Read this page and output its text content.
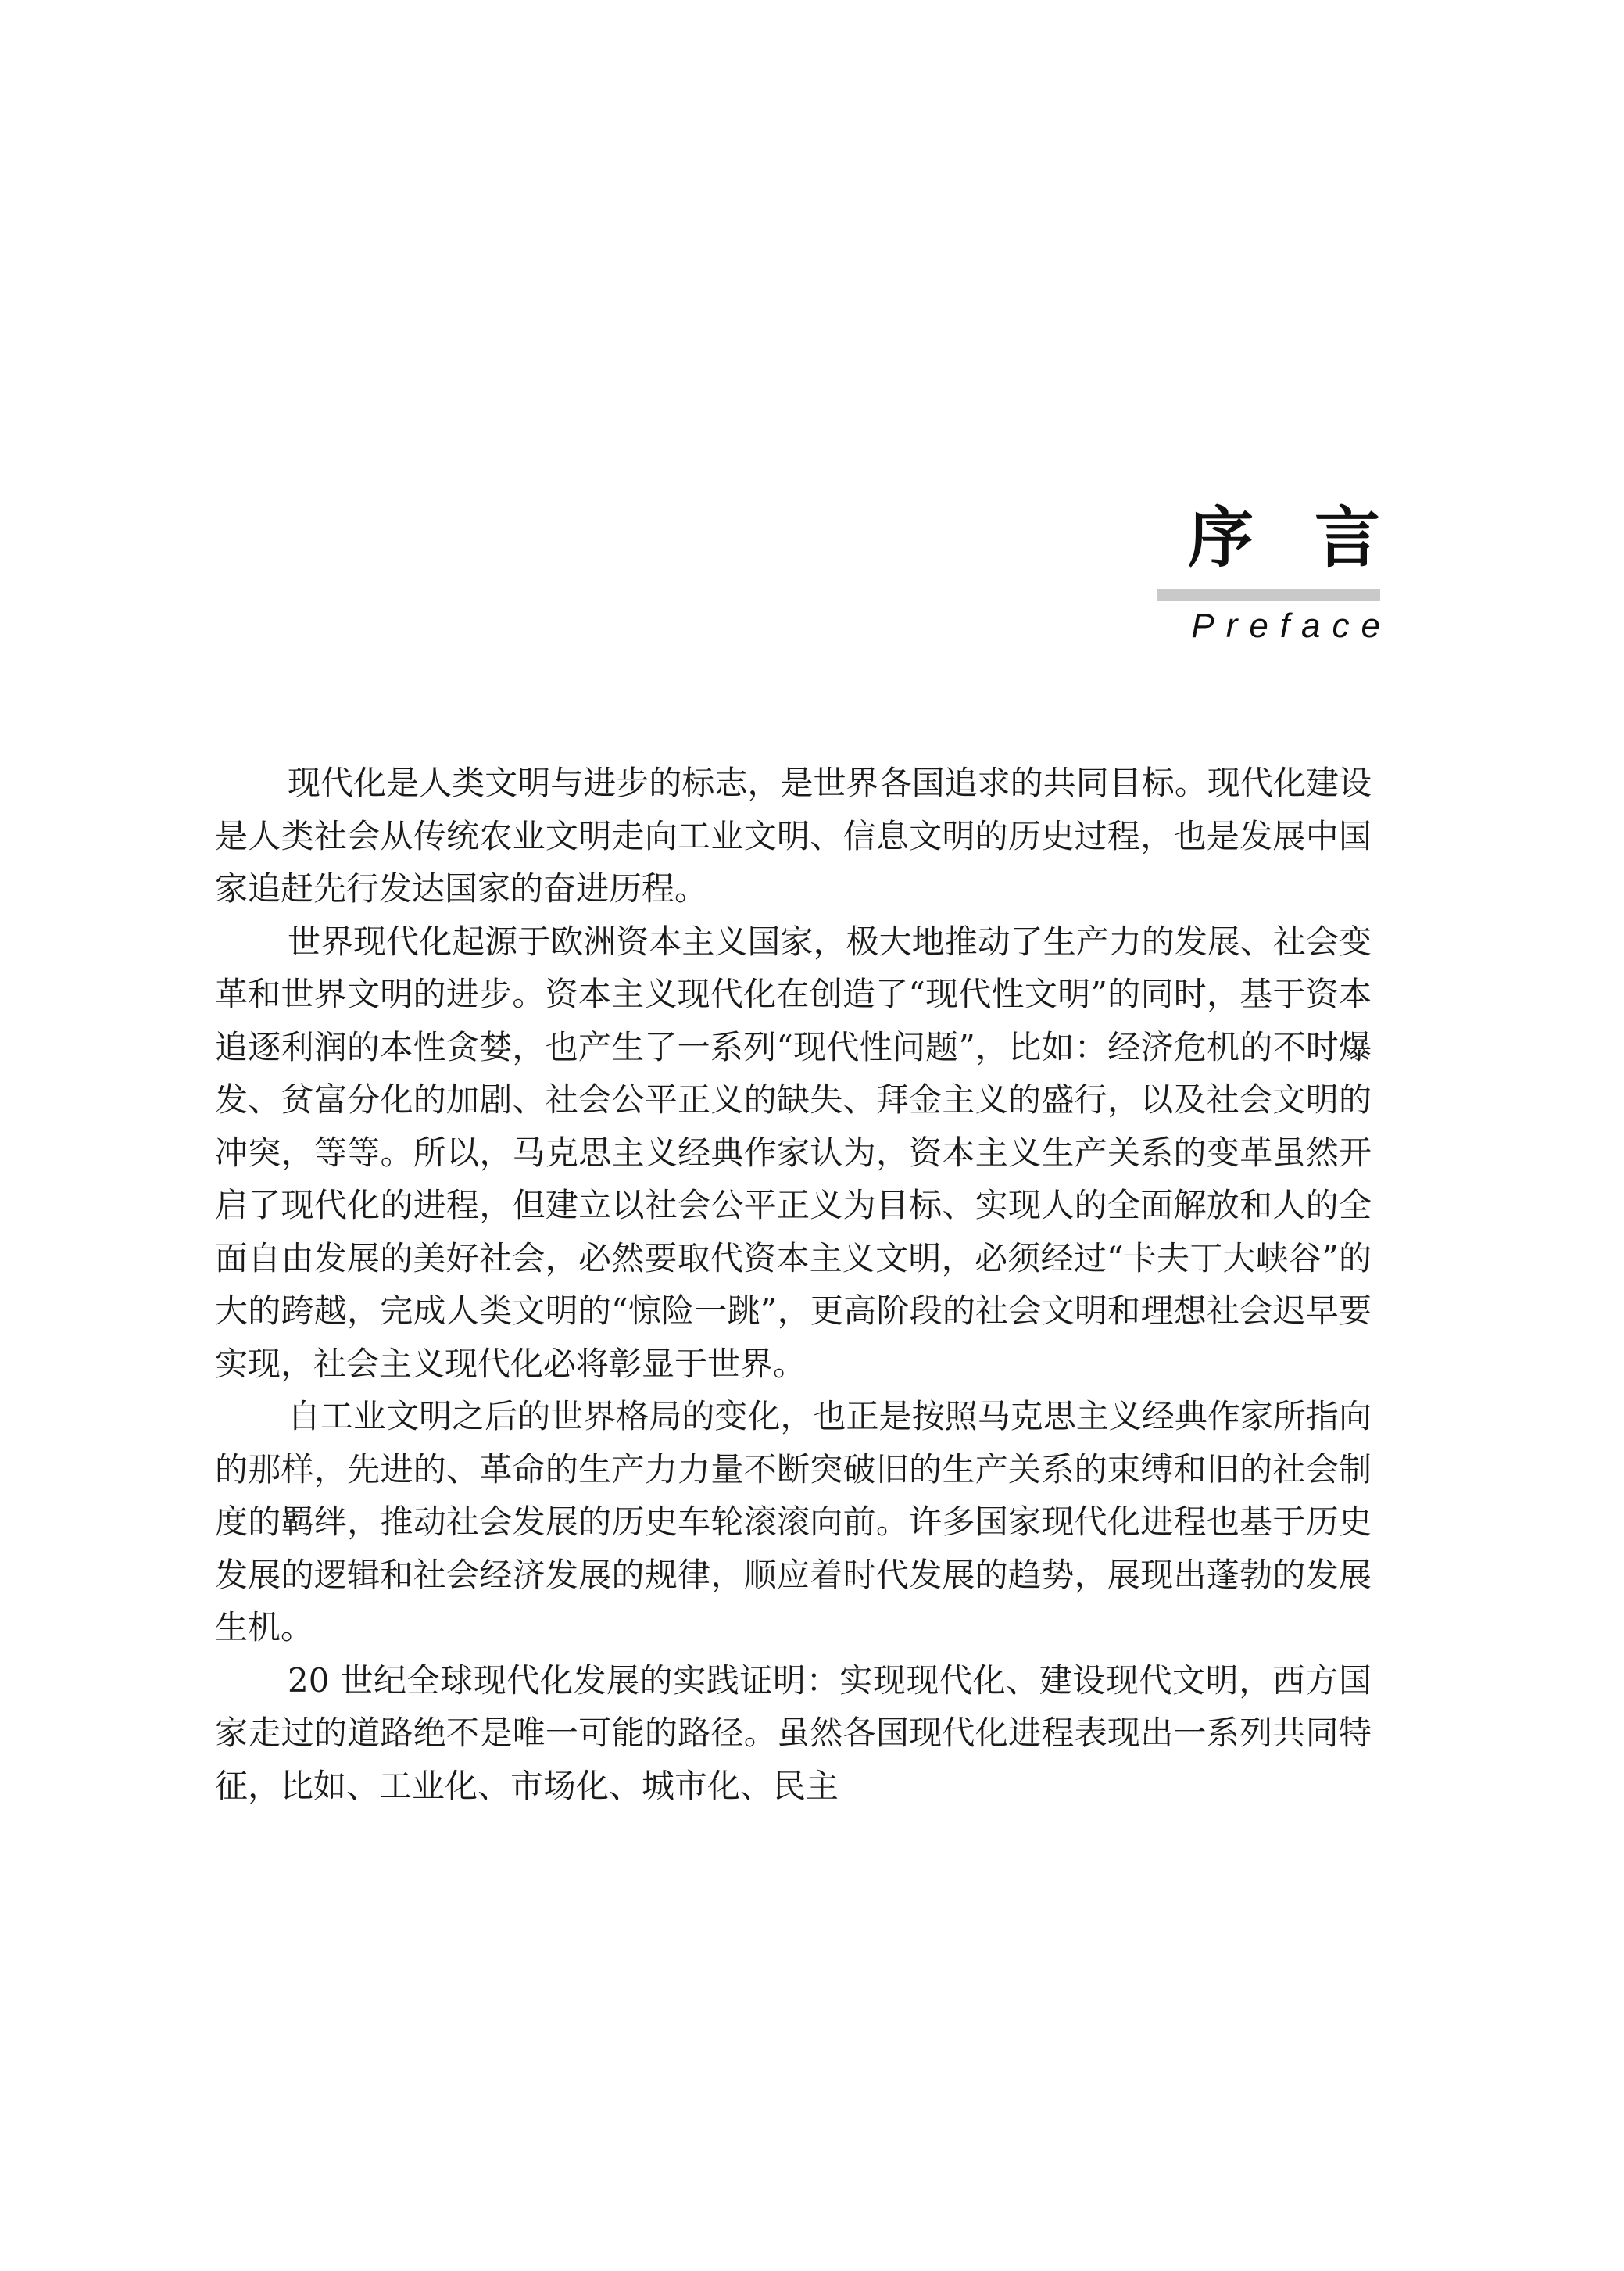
序言
Preface

现代化是人类文明与进步的标志，是世界各国追求的共同目标。现代化建设是人类社会从传统农业文明走向工业文明、信息文明的历史过程，也是发展中国家追赶先行发达国家的奋进历程。

世界现代化起源于欧洲资本主义国家，极大地推动了生产力的发展、社会变革和世界文明的进步。资本主义现代化在创造了“现代性文明”的同时，基于资本追逐利润的本性贪婪，也产生了一系列“现代性问题”，比如：经济危机的不时爆发、贫富分化的加剧、社会公平正义的缺失、拜金主义的盛行，以及社会文明的冲突，等等。所以，马克思主义经典作家认为，资本主义生产关系的变革虽然开启了现代化的进程，但建立以社会公平正义为目标、实现人的全面解放和人的全面自由发展的美好社会，必然要取代资本主义文明，必须经过“卡夫丁大峡谷”的大的跨越，完成人类文明的“惊险一跳”，更高阶段的社会文明和理想社会迟早要实现，社会主义现代化必将彰显于世界。

自工业文明之后的世界格局的变化，也正是按照马克思主义经典作家所指向的那样，先进的、革命的生产力力量不断突破旧的生产关系的束缚和旧的社会制度的羁绊，推动社会发展的历史车轮滚滚向前。许多国家现代化进程也基于历史发展的逻辑和社会经济发展的规律，顺应着时代发展的趋势，展现出蓬勃的发展生机。

20 世纪全球现代化发展的实践证明：实现现代化、建设现代文明，西方国家走过的道路绝不是唯一可能的路径。虽然各国现代化进程表现出一系列共同特征，比如、工业化、市场化、城市化、民主
